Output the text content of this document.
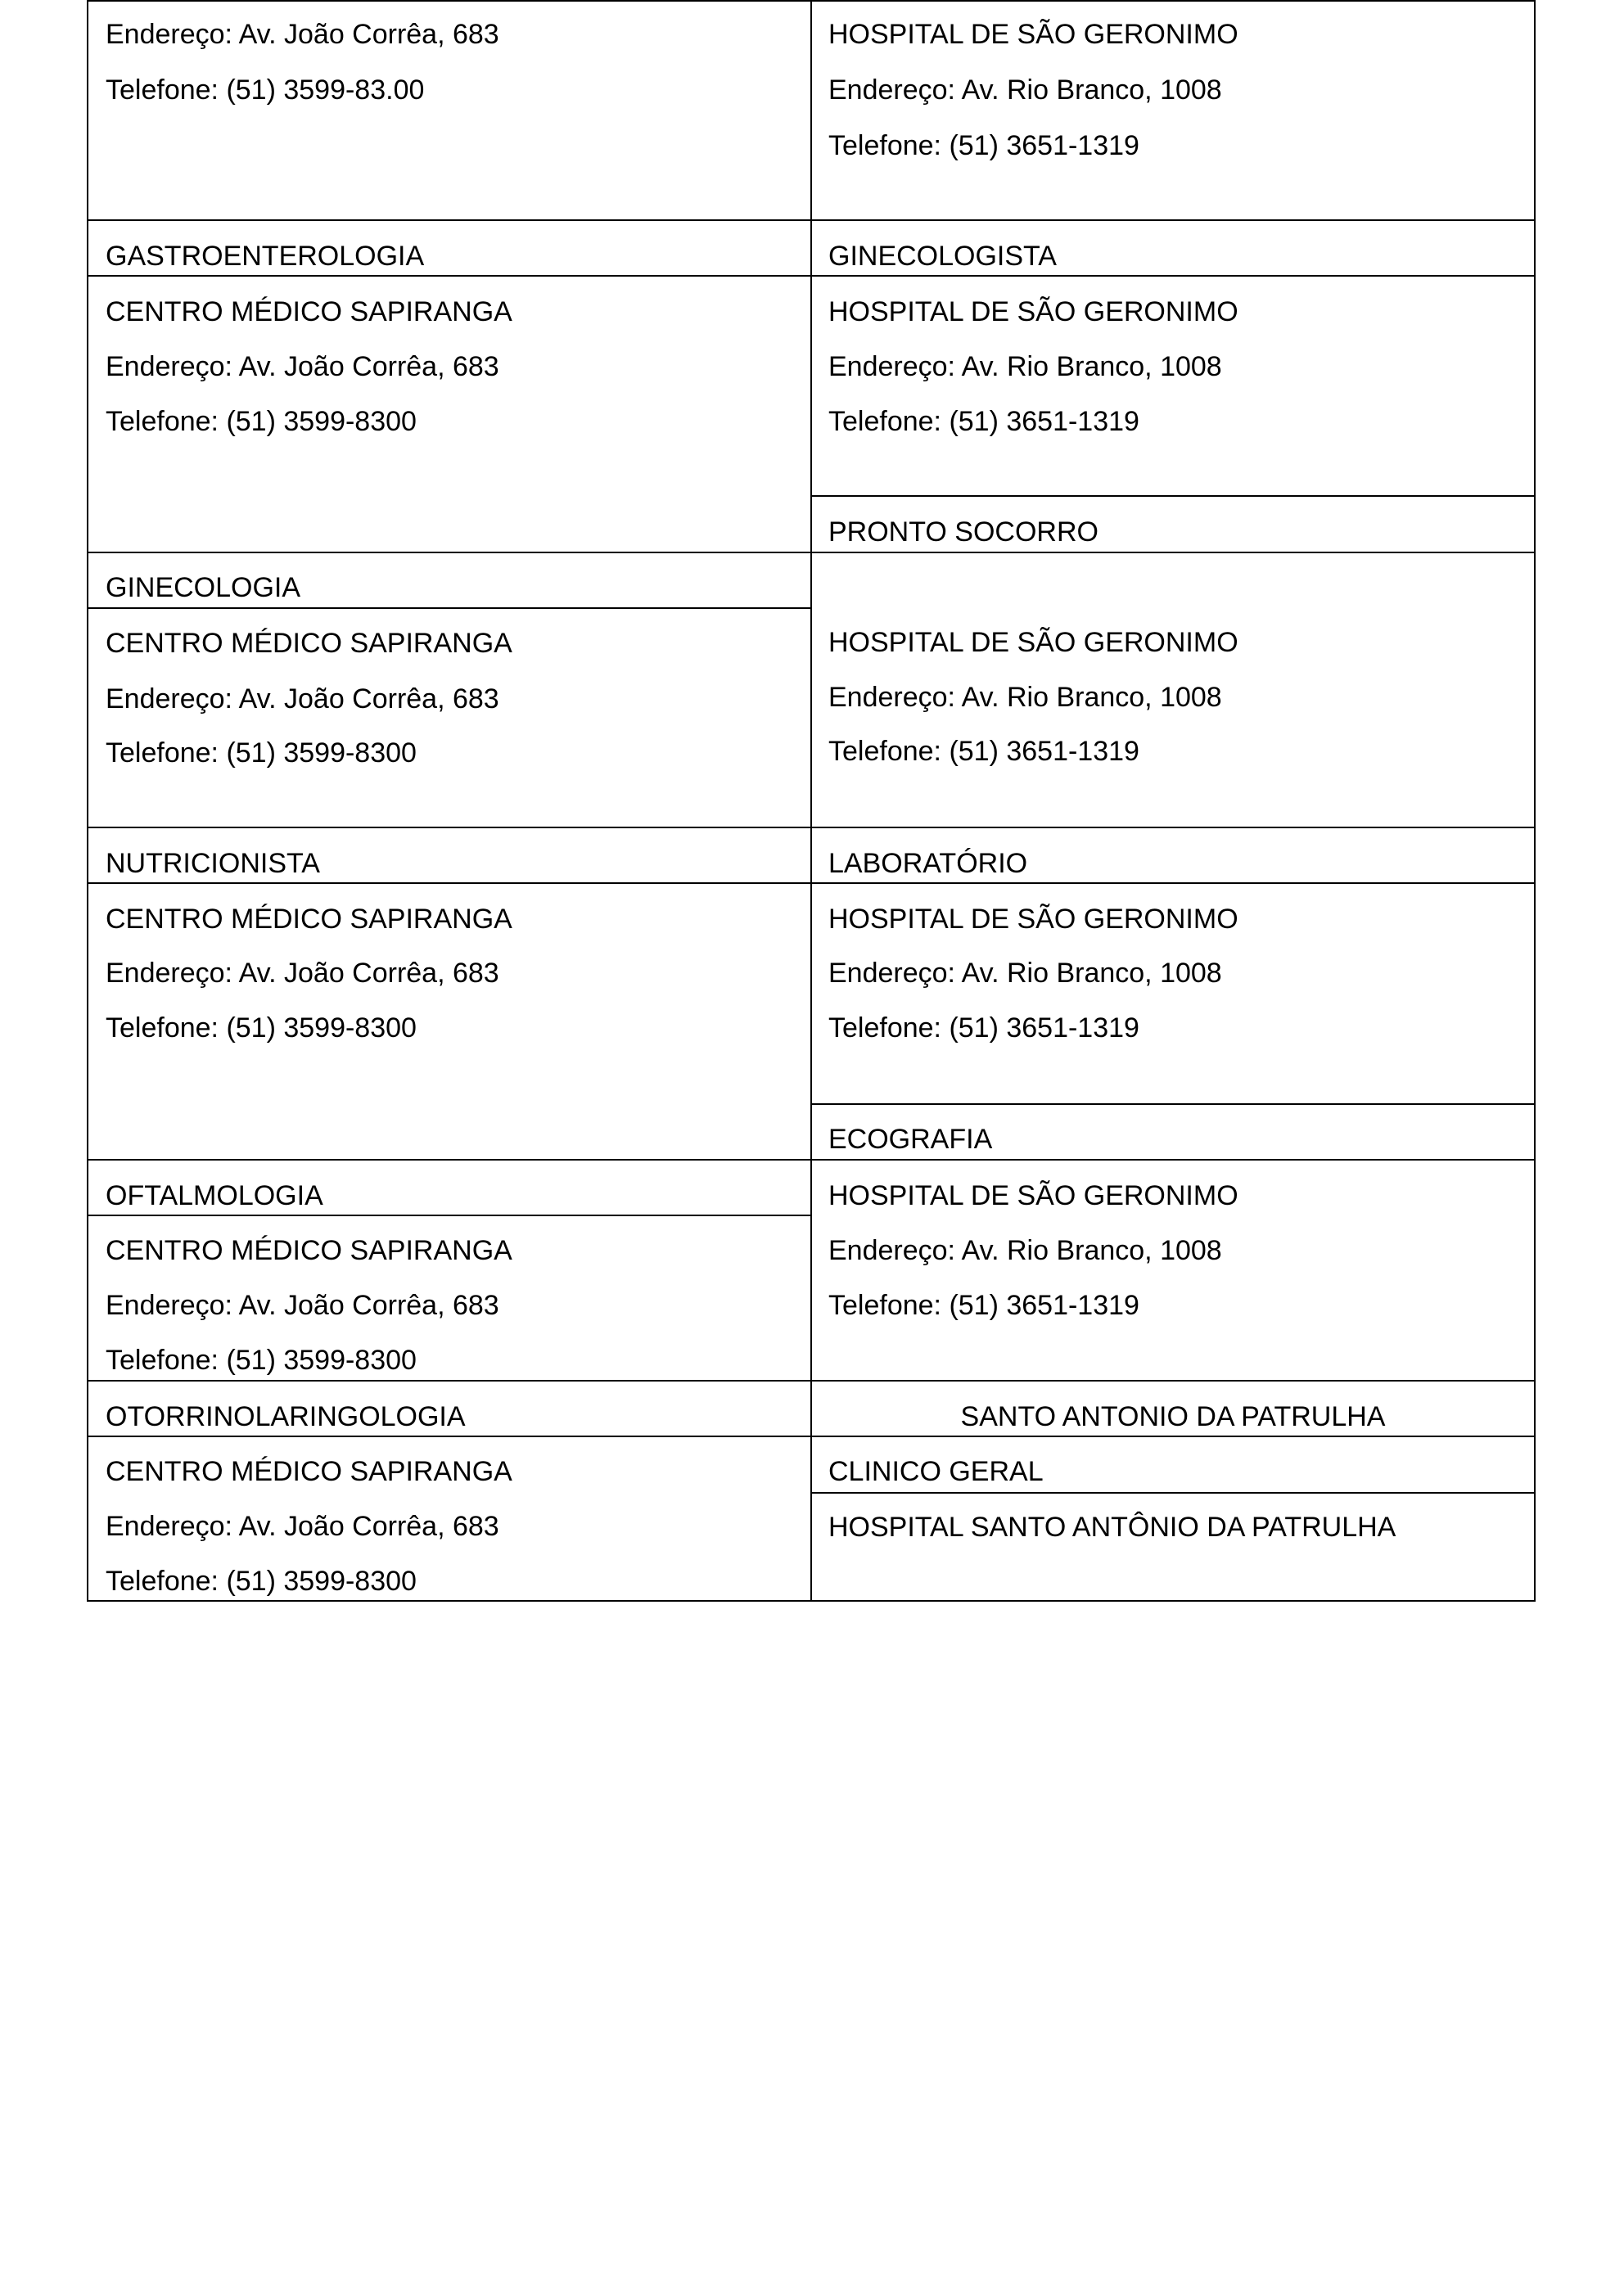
Endereço: Av. João Corrêa, 683
Telefone: (51) 3599-83.00
GASTROENTEROLOGIA
CENTRO MÉDICO SAPIRANGA
Endereço: Av. João Corrêa, 683
Telefone: (51) 3599-8300
GINECOLOGIA
CENTRO MÉDICO SAPIRANGA
Endereço: Av. João Corrêa, 683
Telefone: (51) 3599-8300
NUTRICIONISTA
CENTRO MÉDICO SAPIRANGA
Endereço: Av. João Corrêa, 683
Telefone: (51) 3599-8300
OFTALMOLOGIA
CENTRO MÉDICO SAPIRANGA
Endereço: Av. João Corrêa, 683
Telefone: (51) 3599-8300
OTORRINOLARINGOLOGIA
CENTRO MÉDICO SAPIRANGA
Endereço: Av. João Corrêa, 683
Telefone: (51) 3599-8300
HOSPITAL DE SÃO GERONIMO
Endereço: Av. Rio Branco, 1008
Telefone: (51) 3651-1319
GINECOLOGISTA
HOSPITAL DE SÃO GERONIMO
Endereço: Av. Rio Branco, 1008
Telefone: (51) 3651-1319
PRONTO SOCORRO
HOSPITAL DE SÃO GERONIMO
Endereço: Av. Rio Branco, 1008
Telefone: (51) 3651-1319
LABORATÓRIO
HOSPITAL DE SÃO GERONIMO
Endereço: Av. Rio Branco, 1008
Telefone: (51) 3651-1319
ECOGRAFIA
HOSPITAL DE SÃO GERONIMO
Endereço: Av. Rio Branco, 1008
Telefone: (51) 3651-1319
SANTO ANTONIO DA PATRULHA
CLINICO GERAL
HOSPITAL SANTO ANTÔNIO DA PATRULHA
